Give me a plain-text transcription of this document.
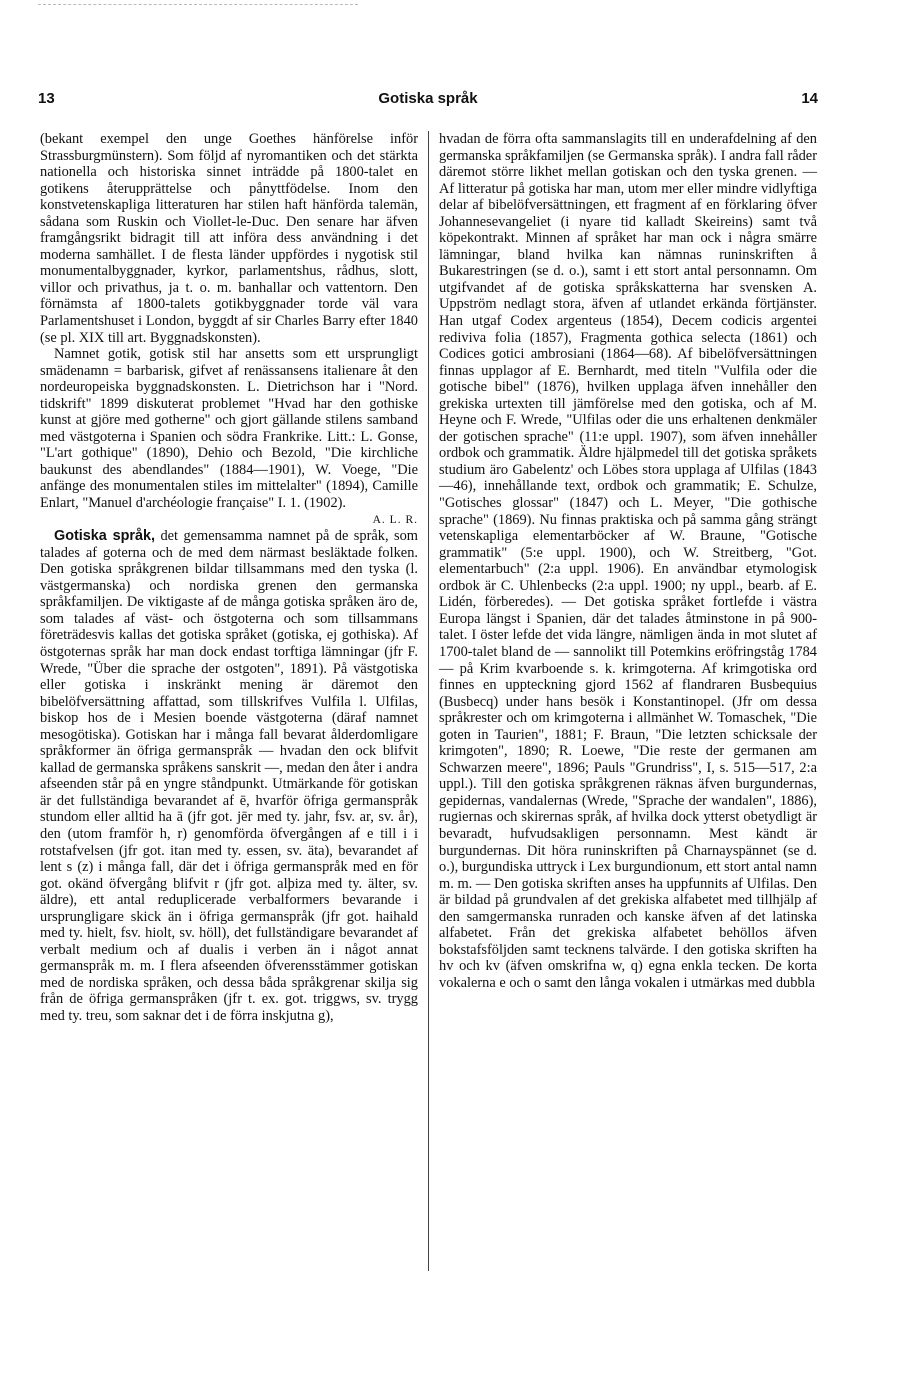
13	Gotiska språk	14

(bekant exempel den unge Goethes hänförelse inför Strassburgmünstern). Som följd af nyromantiken och det stärkta nationella och historiska sinnet inträdde på 1800-talet en gotikens återupprättelse och pånyttfödelse. Inom den konstvetenskapliga litteraturen har stilen haft hänförda talemän, sådana som Ruskin och Viollet-le-Duc. Den senare har äfven framgångsrikt bidragit till att införa dess användning i det moderna samhället. I de flesta länder uppfördes i nygotisk stil monumentalbyggnader, kyrkor, parlamentshus, rådhus, slott, villor och privathus, ja t. o. m. banhallar och vattentorn. Den förnämsta af 1800-talets gotikbyggnader torde väl vara Parlamentshuset i London, byggdt af sir Charles Barry efter 1840 (se pl. XIX till art. Byggnadskonsten).

Namnet gotik, gotisk stil har ansetts som ett ursprungligt smädenamn = barbarisk, gifvet af renässansens italienare åt den nordeuropeiska byggnadskonsten. L. Dietrichson har i "Nord. tidskrift" 1899 diskuterat problemet "Hvad har den gothiske kunst at gjöre med gotherne" och gjort gällande stilens samband med västgoterna i Spanien och södra Frankrike. Litt.: L. Gonse, "L'art gothique" (1890), Dehio och Bezold, "Die kirchliche baukunst des abendlandes" (1884—1901), W. Voege, "Die anfänge des monumentalen stiles im mittelalter" (1894), Camille Enlart, "Manuel d'archéologie française" I. 1. (1902).
A. L. R.

Gotiska språk, det gemensamma namnet på de språk, som talades af goterna och de med dem närmast besläktade folken. Den gotiska språkgrenen bildar tillsammans med den tyska (l. västgermanska) och nordiska grenen den germanska språkfamiljen. De viktigaste af de många gotiska språken äro de, som talades af väst- och östgoterna och som tillsammans företrädesvis kallas det gotiska språket (gotiska, ej gothiska). Af östgoternas språk har man dock endast torftiga lämningar (jfr F. Wrede, "Über die sprache der ostgoten", 1891). På västgotiska eller gotiska i inskränkt mening är däremot den bibelöfversättning affattad, som tillskrifves Vulfila l. Ulfilas, biskop hos de i Mesien boende västgoterna (däraf namnet mesogötiska). Gotiskan har i många fall bevarat ålderdomligare språkformer än öfriga germanspråk — hvadan den ock blifvit kallad de germanska språkens sanskrit —, medan den åter i andra afseenden står på en yngre ståndpunkt. Utmärkande för gotiskan är det fullständiga bevarandet af ē, hvarför öfriga germanspråk stundom eller alltid ha ā (jfr got. jēr med ty. jahr, fsv. ar, sv. år), den (utom framför h, r) genomförda öfvergången af e till i i rotstafvelsen (jfr got. itan med ty. essen, sv. äta), bevarandet af lent s (z) i många fall, där det i öfriga germanspråk med en för got. okänd öfvergång blifvit r (jfr got. alþiza med ty. älter, sv. äldre), ett antal reduplicerade verbalformers bevarande i ursprungligare skick än i öfriga germanspråk (jfr got. haihald med ty. hielt, fsv. hiolt, sv. höll), det fullständigare bevarandet af verbalt medium och af dualis i verben än i något annat germanspråk m. m. I flera afseenden öfverensstämmer gotiskan med de nordiska språken, och dessa båda språkgrenar skilja sig från de öfriga germanspråken (jfr t. ex. got. triggws, sv. trygg med ty. treu, som saknar det i de förra inskjutna g),

hvadan de förra ofta sammanslagits till en underafdelning af den germanska språkfamiljen (se Germanska språk). I andra fall råder däremot större likhet mellan gotiskan och den tyska grenen. — Af litteratur på gotiska har man, utom mer eller mindre vidlyftiga delar af bibelöfversättningen, ett fragment af en förklaring öfver Johannesevangeliet (i nyare tid kalladt Skeireins) samt två köpekontrakt. Minnen af språket har man ock i några smärre lämningar, bland hvilka kan nämnas runinskriften å Bukarestringen (se d. o.), samt i ett stort antal personnamn. Om utgifvandet af de gotiska språkskatterna har svensken A. Uppström nedlagt stora, äfven af utlandet erkända förtjänster. Han utgaf Codex argenteus (1854), Decem codicis argentei rediviva folia (1857), Fragmenta gothica selecta (1861) och Codices gotici ambrosiani (1864—68). Af bibelöfversättningen finnas upplagor af E. Bernhardt, med titeln "Vulfila oder die gotische bibel" (1876), hvilken upplaga äfven innehåller den grekiska urtexten till jämförelse med den gotiska, och af M. Heyne och F. Wrede, "Ulfilas oder die uns erhaltenen denkmäler der gotischen sprache" (11:e uppl. 1907), som äfven innehåller ordbok och grammatik. Äldre hjälpmedel till det gotiska språkets studium äro Gabelentz' och Löbes stora upplaga af Ulfilas (1843—46), innehållande text, ordbok och grammatik; E. Schulze, "Gotisches glossar" (1847) och L. Meyer, "Die gothische sprache" (1869). Nu finnas praktiska och på samma gång strängt vetenskapliga elementarböcker af W. Braune, "Gotische grammatik" (5:e uppl. 1900), och W. Streitberg, "Got. elementarbuch" (2:a uppl. 1906). En användbar etymologisk ordbok är C. Uhlenbecks (2:a uppl. 1900; ny uppl., bearb. af E. Lidén, förberedes). — Det gotiska språket fortlefde i västra Europa längst i Spanien, där det talades åtminstone in på 900-talet. I öster lefde det vida längre, nämligen ända in mot slutet af 1700-talet bland de — sannolikt till Potemkins eröfringståg 1784 — på Krim kvarboende s. k. krimgoterna. Af krimgotiska ord finnes en uppteckning gjord 1562 af flandraren Busbequius (Busbecq) under hans besök i Konstantinopel. (Jfr om dessa språkrester och om krimgoterna i allmänhet W. Tomaschek, "Die goten in Taurien", 1881; F. Braun, "Die letzten schicksale der krimgoten", 1890; R. Loewe, "Die reste der germanen am Schwarzen meere", 1896; Pauls "Grundriss", I, s. 515—517, 2:a uppl.). Till den gotiska språkgrenen räknas äfven burgundernas, gepidernas, vandalernas (Wrede, "Sprache der wandalen", 1886), rugiernas och skirernas språk, af hvilka dock ytterst obetydligt är bevaradt, hufvudsakligen personnamn. Mest kändt är burgundernas. Dit höra runinskriften på Charnayspännet (se d. o.), burgundiska uttryck i Lex burgundionum, ett stort antal namn m. m. — Den gotiska skriften anses ha uppfunnits af Ulfilas. Den är bildad på grundvalen af det grekiska alfabetet med tillhjälp af den samgermanska runraden och kanske äfven af det latinska alfabetet. Från det grekiska alfabetet behöllos äfven bokstafsföljden samt tecknens talvärde. I den gotiska skriften ha hv och kv (äfven omskrifna w, q) egna enkla tecken. De korta vokalerna e och o samt den långa vokalen i utmärkas med dubbla
